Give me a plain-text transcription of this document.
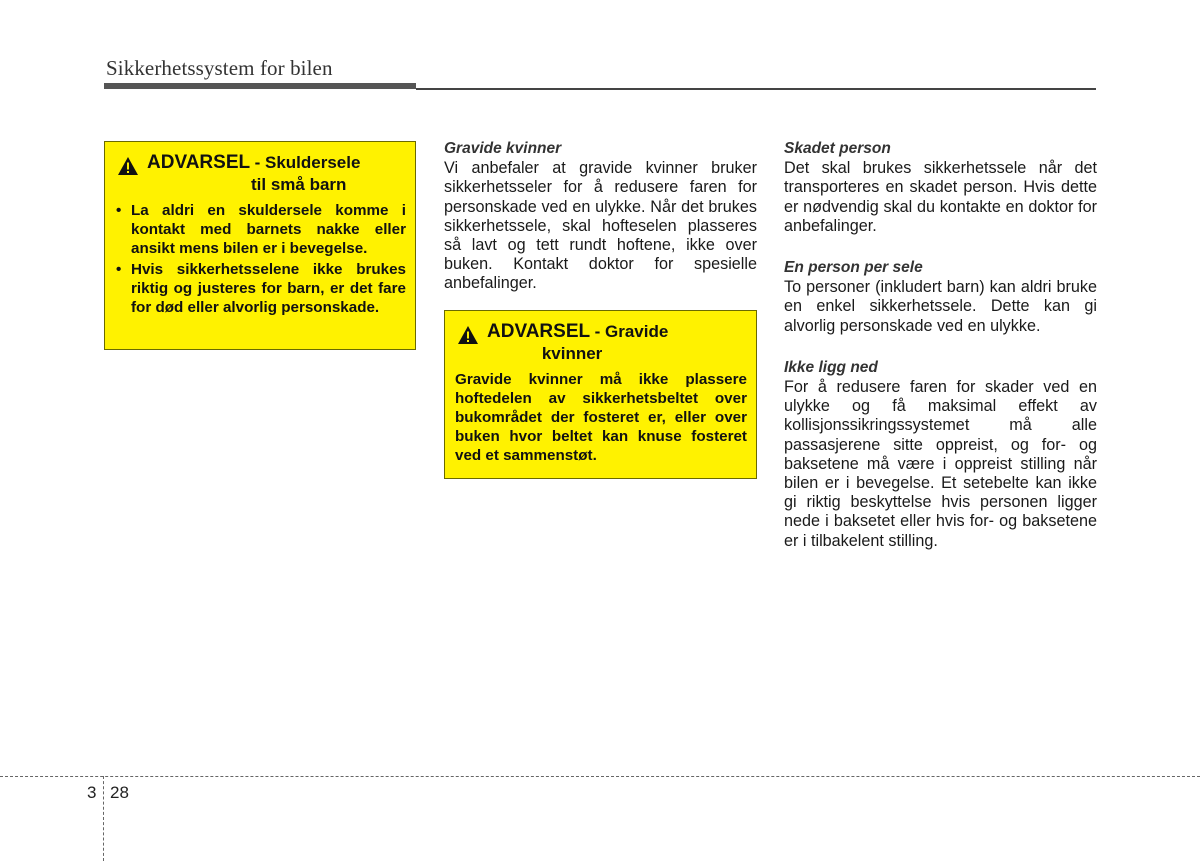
Sikkerhetssystem for bilen
ADVARSEL - Skuldersele
til små barn
• La aldri en skuldersele komme i kontakt med barnets nakke eller ansikt mens bilen er i bevegelse.
• Hvis sikkerhetsselene ikke brukes riktig og justeres for barn, er det fare for død eller alvorlig personskade.

Gravide kvinner

Vi anbefaler at gravide kvinner bruker sikkerhetsseler for å redusere faren for personskade ved en ulykke. Når det brukes sikkerhetssele, skal hofteselen plasseres så lavt og tett rundt hoftene, ikke over buken. Kontakt doktor for spesielle anbefalinger.

ADVARSEL - Gravide
kvinner
Gravide kvinner må ikke plassere hoftedelen av sikkerhetsbeltet over bukområdet der fosteret er, eller over buken hvor beltet kan knuse fosteret ved et sammenstøt.

Skadet person

Det skal brukes sikkerhetssele når det transporteres en skadet person. Hvis dette er nødvendig skal du kontakte en doktor for anbefalinger.

En person per sele

To personer (inkludert barn) kan aldri bruke en enkel sikkerhetssele. Dette kan gi alvorlig personskade ved en ulykke.

Ikke ligg ned

For å redusere faren for skader ved en ulykke og få maksimal effekt av kollisjonssikringssystemet må alle passasjerene sitte oppreist, og for- og baksetene må være i oppreist stilling når bilen er i bevegelse. Et setebelte kan ikke gi riktig beskyttelse hvis personen ligger nede i baksetet eller hvis for- og baksetene er i tilbakelent stilling.

3 28
